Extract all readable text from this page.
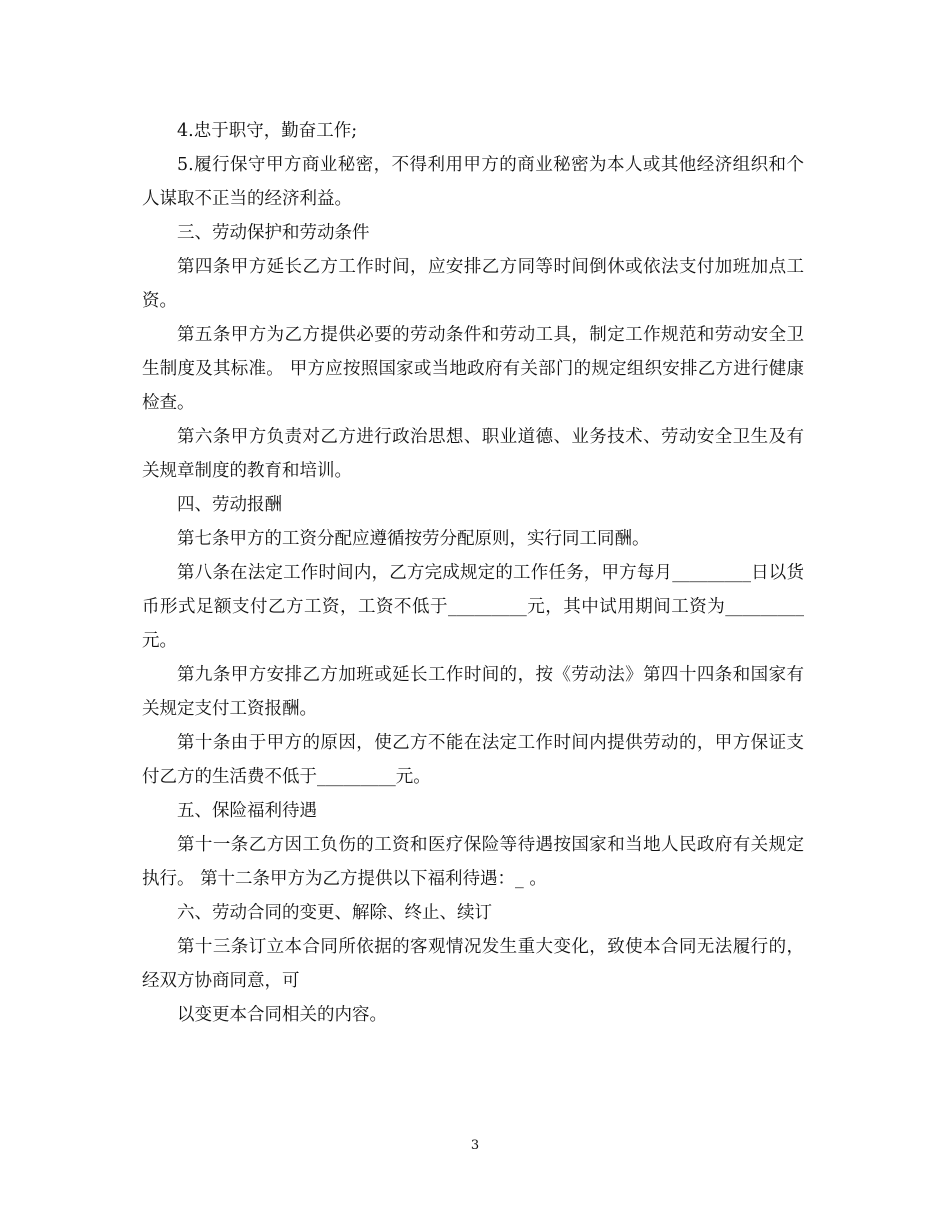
4.忠于职守，勤奋工作;

5.履行保守甲方商业秘密，不得利用甲方的商业秘密为本人或其他经济组织和个人谋取不正当的经济利益。

三、劳动保护和劳动条件

第四条甲方延长乙方工作时间，应安排乙方同等时间倒休或依法支付加班加点工资。

第五条甲方为乙方提供必要的劳动条件和劳动工具，制定工作规范和劳动安全卫生制度及其标准。 甲方应按照国家或当地政府有关部门的规定组织安排乙方进行健康检查。

第六条甲方负责对乙方进行政治思想、职业道德、业务技术、劳动安全卫生及有关规章制度的教育和培训。

四、劳动报酬

第七条甲方的工资分配应遵循按劳分配原则，实行同工同酬。

第八条在法定工作时间内，乙方完成规定的工作任务，甲方每月_________日以货币形式足额支付乙方工资，工资不低于_________元，其中试用期间工资为_________元。

第九条甲方安排乙方加班或延长工作时间的，按《劳动法》第四十四条和国家有关规定支付工资报酬。

第十条由于甲方的原因，使乙方不能在法定工作时间内提供劳动的，甲方保证支付乙方的生活费不低于_________元。

五、保险福利待遇

第十一条乙方因工负伤的工资和医疗保险等待遇按国家和当地人民政府有关规定执行。 第十二条甲方为乙方提供以下福利待遇：_ 。

六、劳动合同的变更、解除、终止、续订

第十三条订立本合同所依据的客观情况发生重大变化，致使本合同无法履行的，经双方协商同意，可

以变更本合同相关的内容。

3
